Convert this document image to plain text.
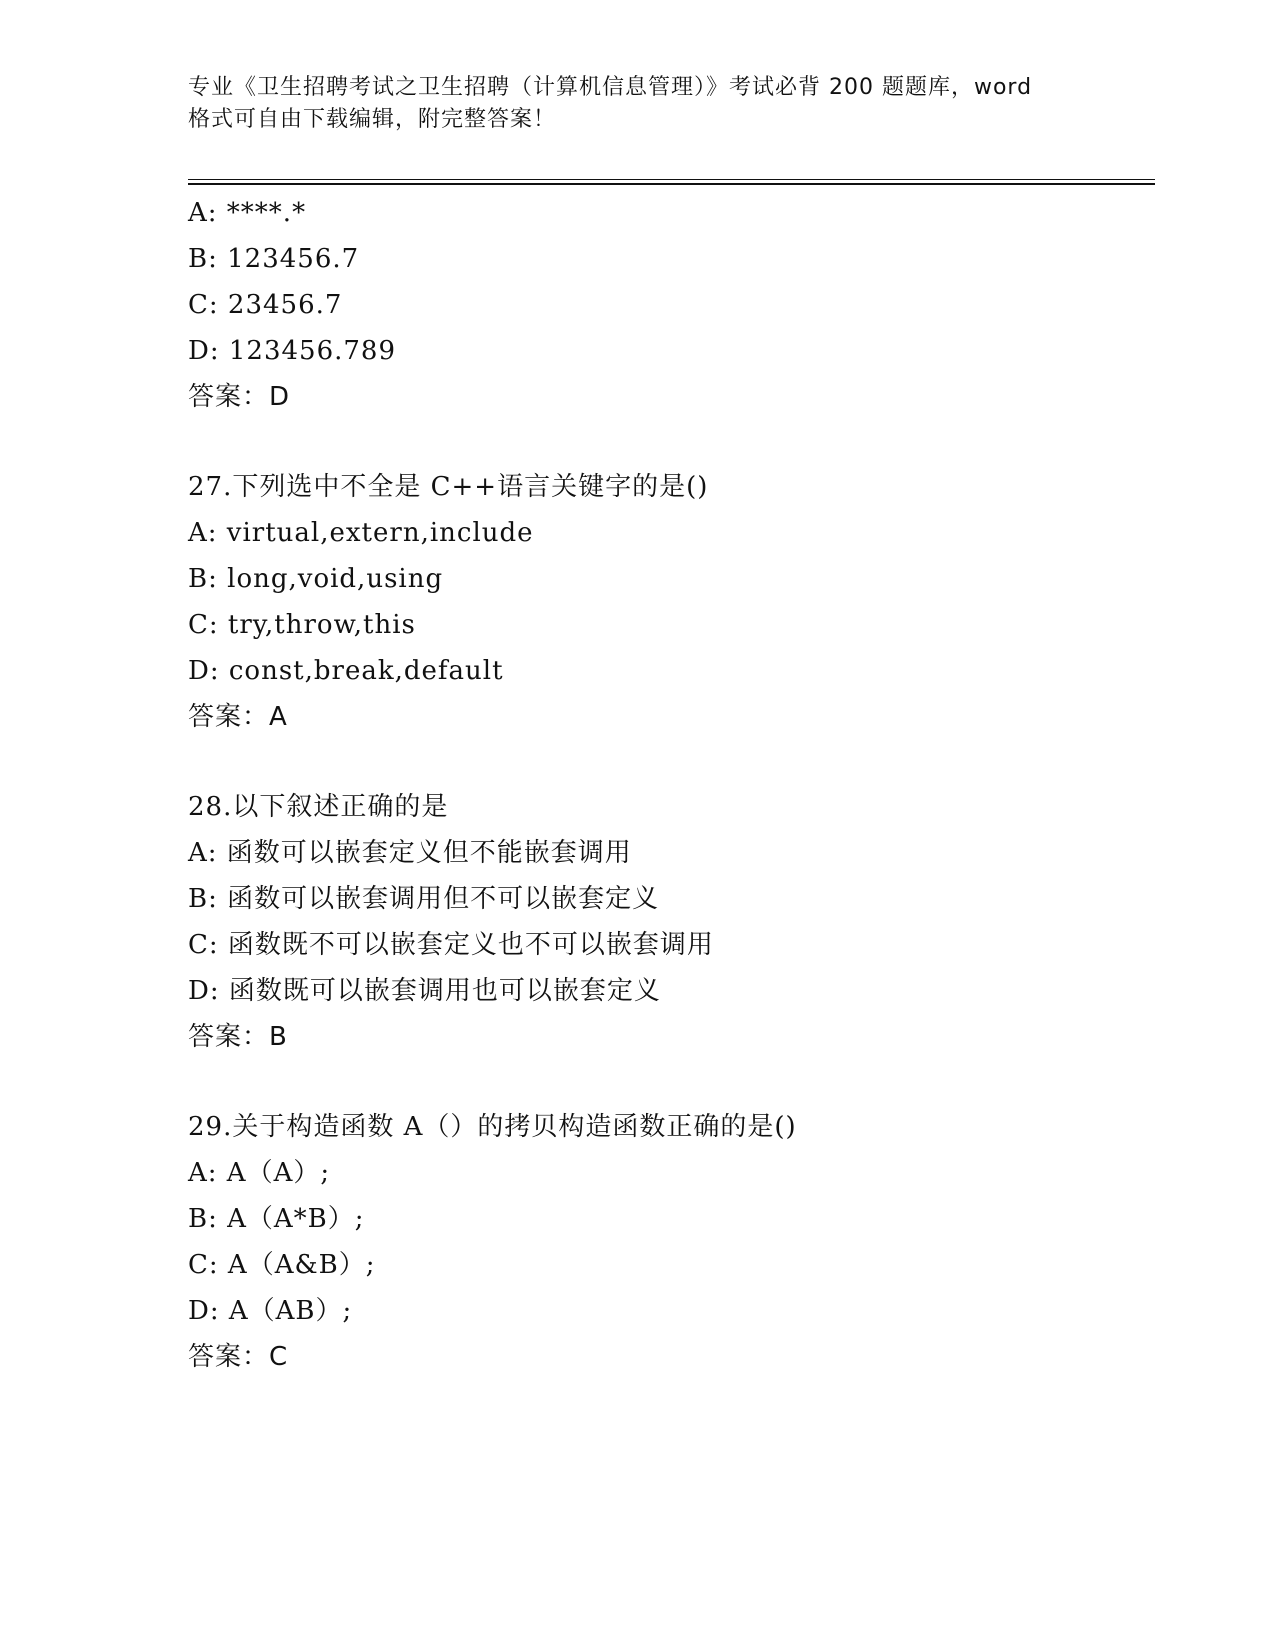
专业《卫生招聘考试之卫生招聘（计算机信息管理）》考试必背 200 题题库，word
格式可自由下载编辑，附完整答案！
A: ****.*
B: 123456.7
C: 23456.7
D: 123456.789
答案：D
27.下列选中不全是 C++语言关键字的是()
A: virtual,extern,include
B: long,void,using
C: try,throw,this
D: const,break,default
答案：A
28.以下叙述正确的是
A: 函数可以嵌套定义但不能嵌套调用
B: 函数可以嵌套调用但不可以嵌套定义
C: 函数既不可以嵌套定义也不可以嵌套调用
D: 函数既可以嵌套调用也可以嵌套定义
答案：B
29.关于构造函数 A（）的拷贝构造函数正确的是()
A: A（A）;
B: A（A*B）;
C: A（A&B）;
D: A（AB）;
答案：C
